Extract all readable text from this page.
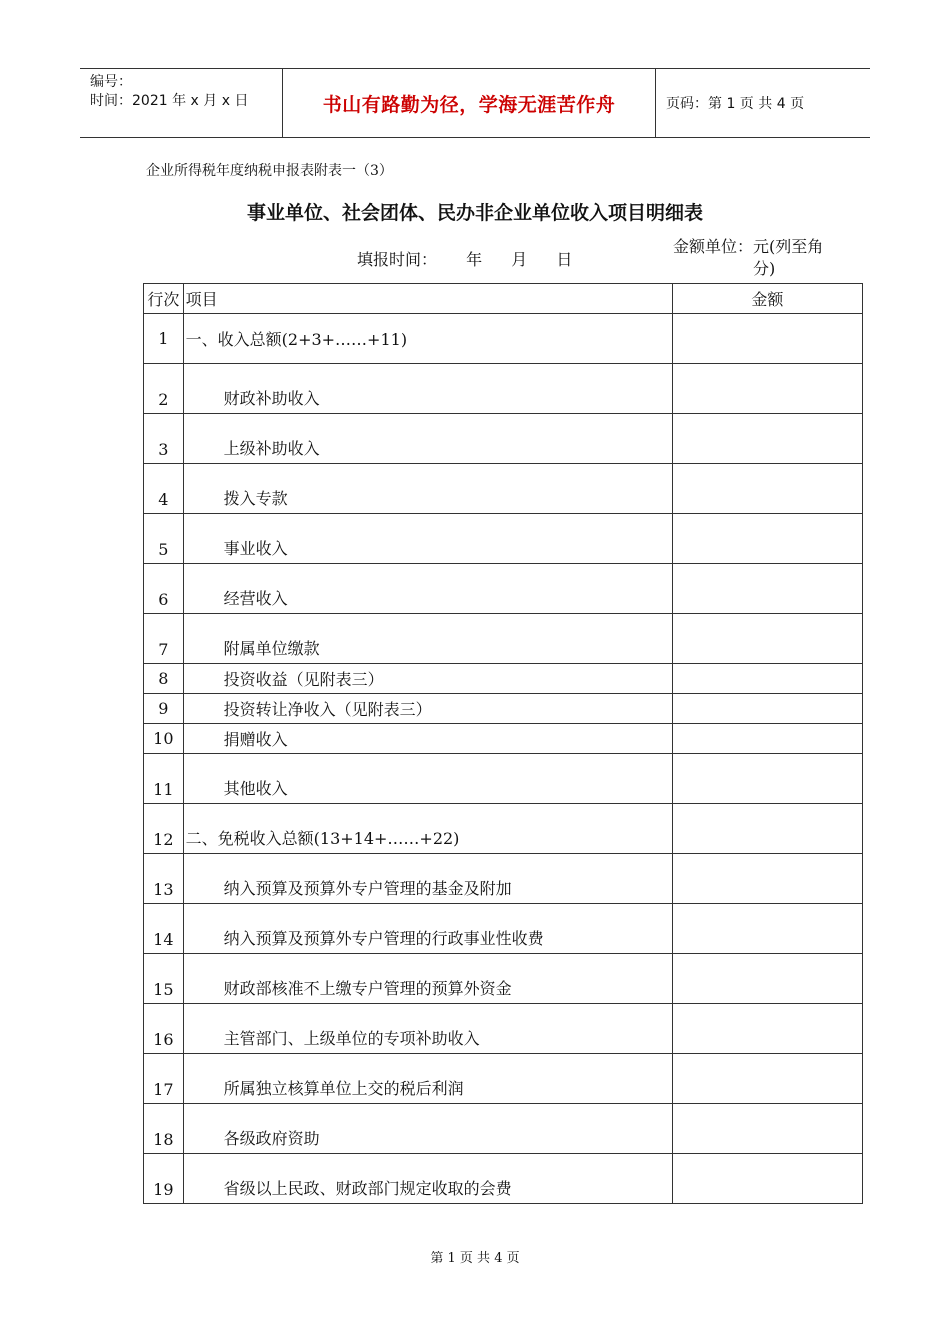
编号：
时间：2021 年 x 月 x 日	书山有路勤为径，学海无涯苦作舟	页码：第 1 页 共 4 页
企业所得税年度纳税申报表附表一（3）
事业单位、社会团体、民办非企业单位收入项目明细表
填报时间： 年 月 日
金额单位：元(列至角
分)
行次	项目	金额
1	一、收入总额(2+3+……+11)	
2	财政补助收入	
3	上级补助收入	
4	拨入专款	
5	事业收入	
6	经营收入	
7	附属单位缴款	
8	投资收益（见附表三）	
9	投资转让净收入（见附表三）	
10	捐赠收入	
11	其他收入	
12	二、免税收入总额(13+14+……+22)	
13	纳入预算及预算外专户管理的基金及附加	
14	纳入预算及预算外专户管理的行政事业性收费	
15	财政部核准不上缴专户管理的预算外资金	
16	主管部门、上级单位的专项补助收入	
17	所属独立核算单位上交的税后利润	
18	各级政府资助	
19	省级以上民政、财政部门规定收取的会费	
第 1 页 共 4 页
